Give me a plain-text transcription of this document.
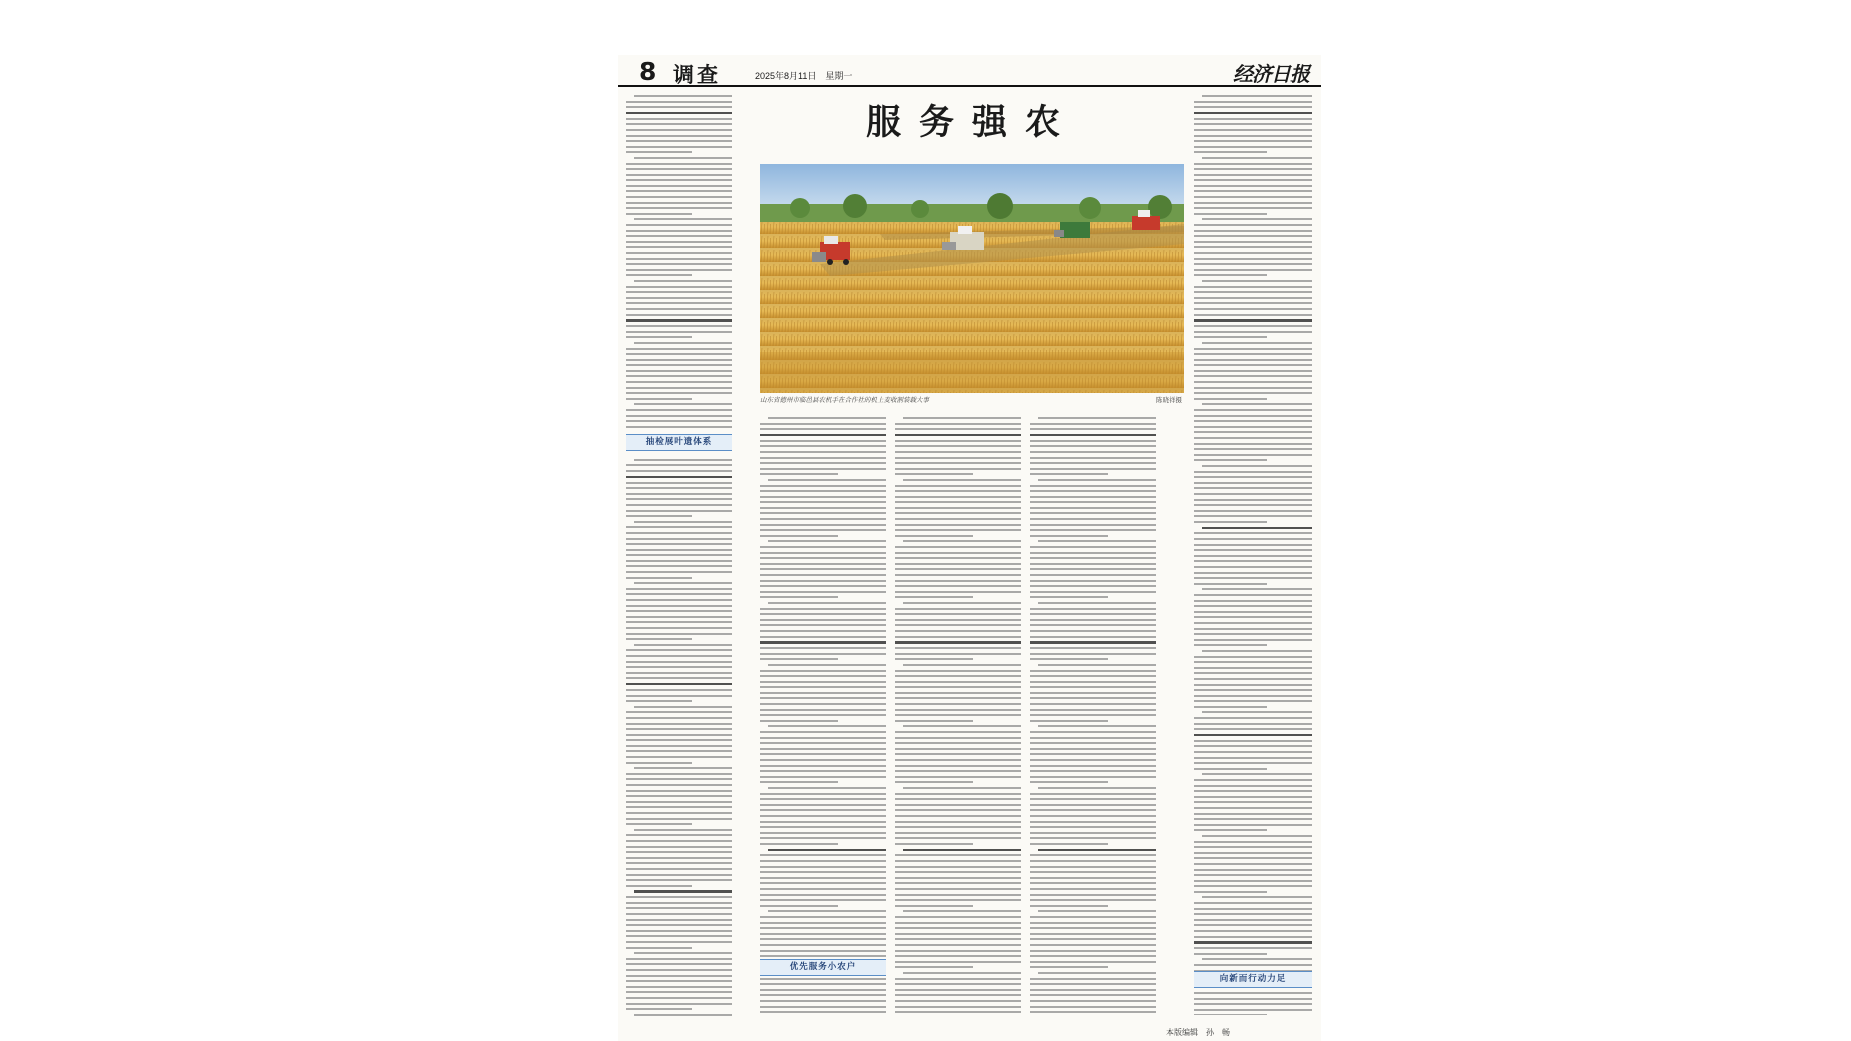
8 调查	2025年8月11日　星期一	经济日报
抽检展叶遗体系
服务强农
山东省德州市临邑县农机手在合作社的机上麦收割装载大事	陈晓祥摄
优先服务小农户
向新而行动力足
本版编辑　孙　畅
